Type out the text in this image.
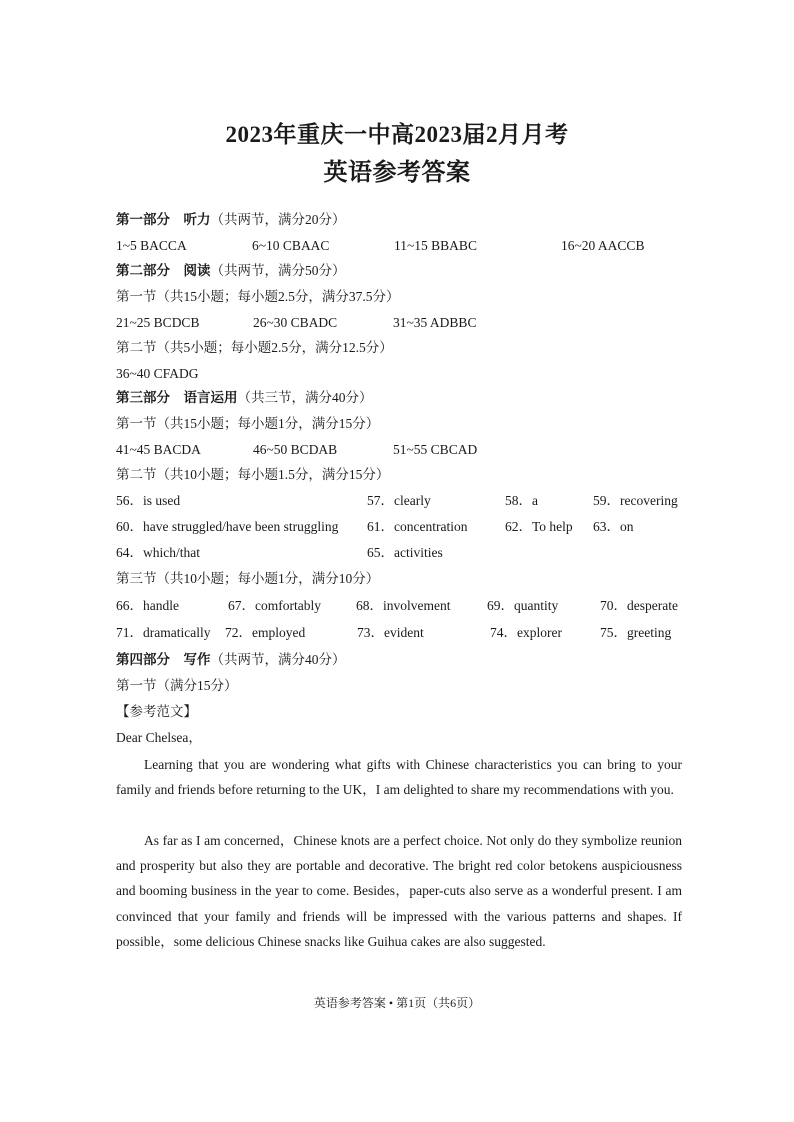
2023年重庆一中高2023届2月月考
英语参考答案
第一部分　听力（共两节，满分20分）
1~5 BACCA	6~10 CBAAC	11~15 BBABC	16~20 AACCB
第二部分　阅读（共两节，满分50分）
第一节（共15小题；每小题2.5分，满分37.5分）
21~25 BCDCB	26~30 CBADC	31~35 ADBBC
第二节（共5小题；每小题2.5分，满分12.5分）
36~40 CFADG
第三部分　语言运用（共三节，满分40分）
第一节（共15小题；每小题1分，满分15分）
41~45 BACDA	46~50 BCDAB	51~55 CBCAD
第二节（共10小题；每小题1.5分，满分15分）
56．is used	57．clearly	58．a	59．recovering
60．have struggled/have been struggling 61．concentration	62．To help 63．on
64．which/that	65．activities
第三节（共10小题；每小题1分，满分10分）
66．handle	67．comfortably	68．involvement	69．quantity	70．desperate
71．dramatically 72．employed	73．evident	74．explorer	75．greeting
第四部分　写作（共两节，满分40分）
第一节（满分15分）
【参考范文】
Dear Chelsea，
Learning that you are wondering what gifts with Chinese characteristics you can bring to your family and friends before returning to the UK，I am delighted to share my recommendations with you.
As far as I am concerned，Chinese knots are a perfect choice. Not only do they symbolize reunion and prosperity but also they are portable and decorative. The bright red color betokens auspiciousness and booming business in the year to come. Besides，paper-cuts also serve as a wonderful present. I am convinced that your family and friends will be impressed with the various patterns and shapes. If possible，some delicious Chinese snacks like Guihua cakes are also suggested.
英语参考答案 • 第1页（共6页）
